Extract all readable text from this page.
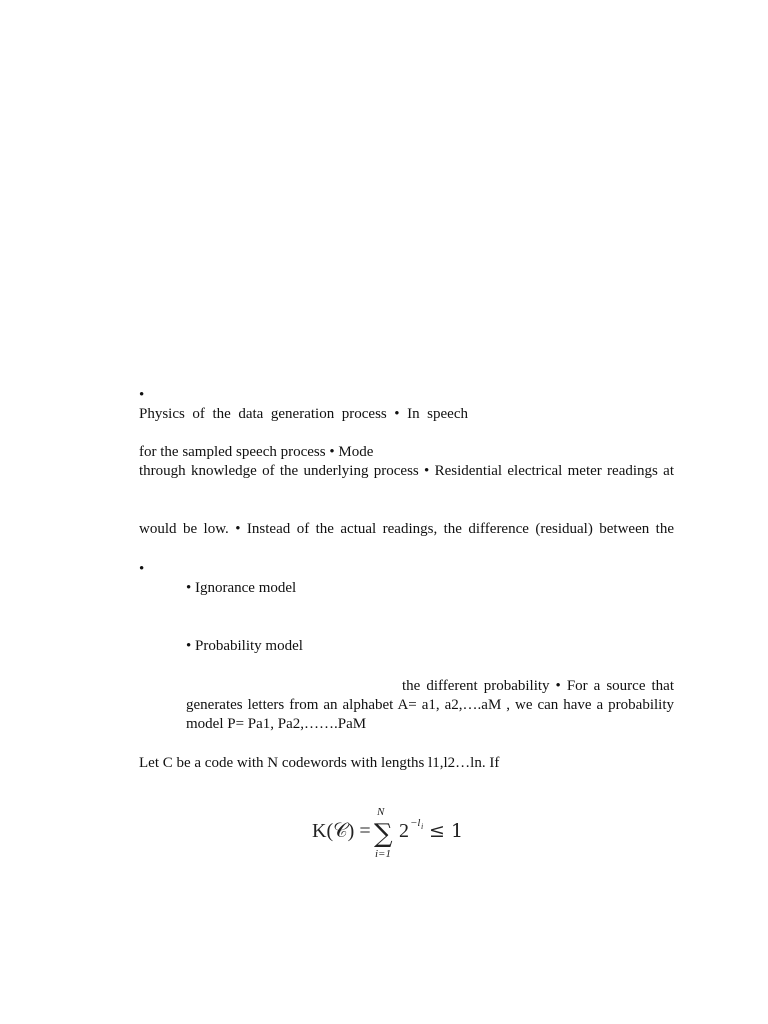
•
Physics of the data generation process • In speech
for the sampled speech process • Mode
through knowledge of the underlying process • Residential electrical meter readings at
would be low. • Instead of the actual readings, the difference (residual) between the
•
• Ignorance model
• Probability model
the different probability • For a source that
generates letters from an alphabet A= a1, a2,….aM , we can have a probability
model P= Pa1, Pa2,…….PaM
Let C be a code with N codewords with lengths l1,l2…ln. If
K(𝒞) =
N
∑
i=1
2 −l i ≤ 1
